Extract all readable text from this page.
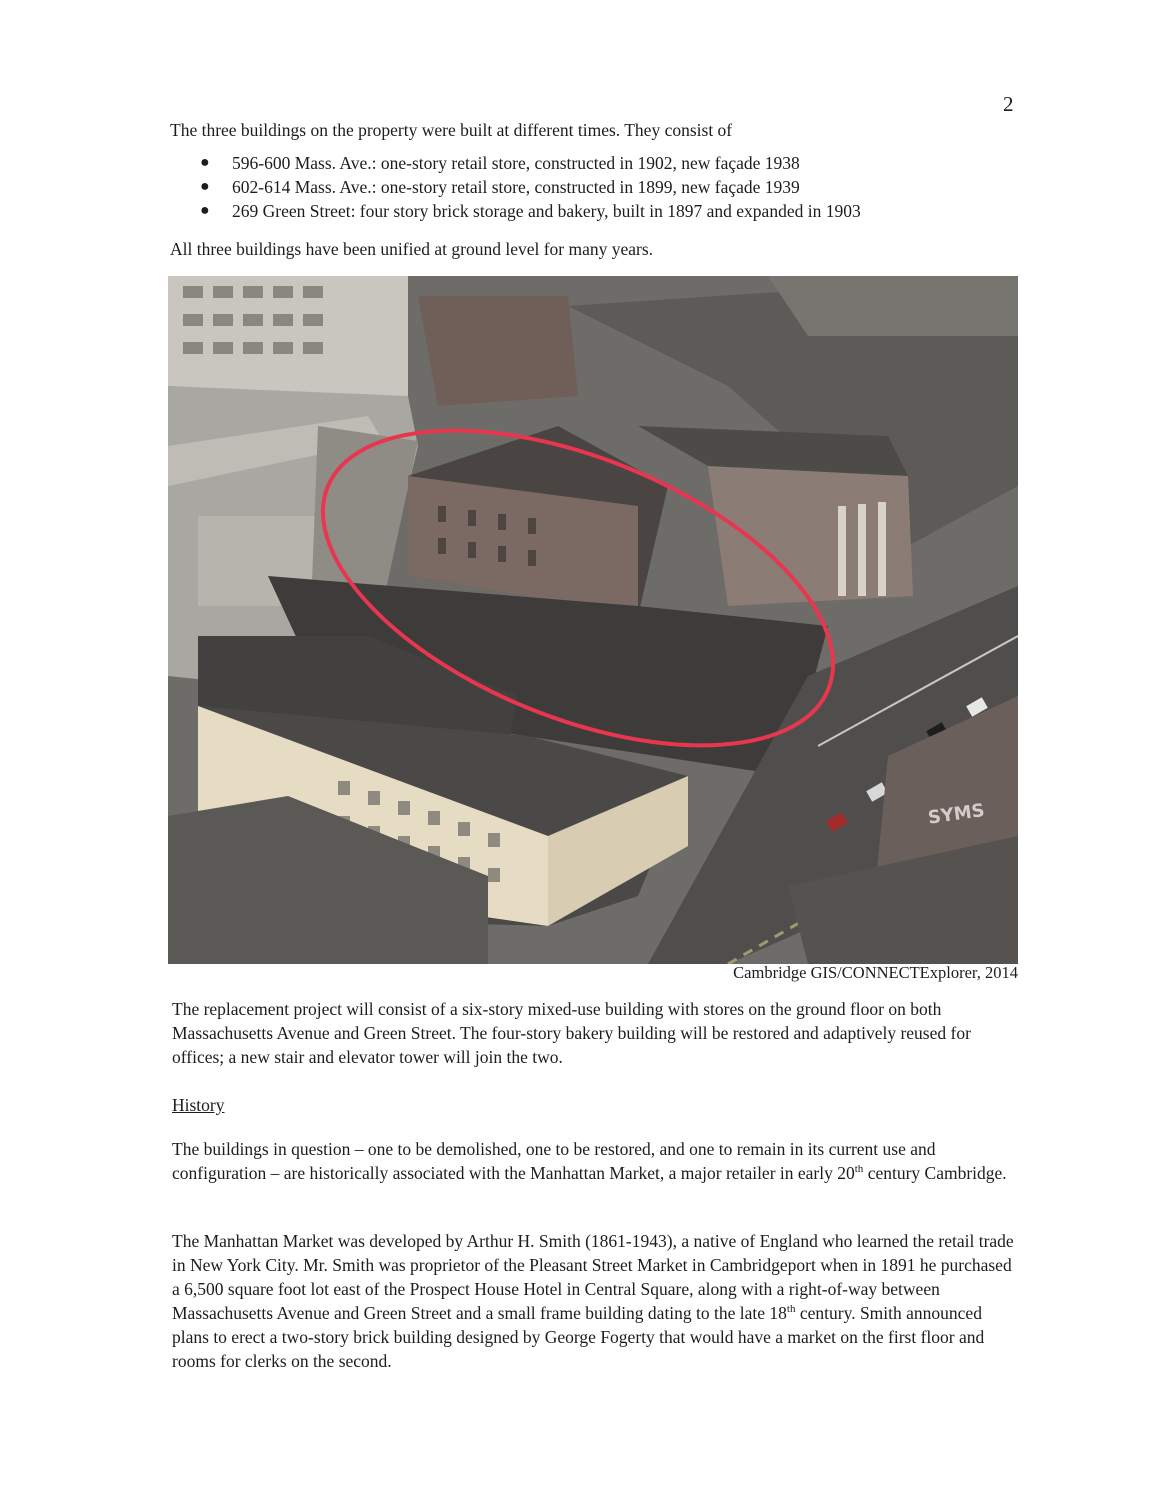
2

The three buildings on the property were built at different times. They consist of

● 596-600 Mass. Ave.: one-story retail store, constructed in 1902, new façade 1938
● 602-614 Mass. Ave.: one-story retail store, constructed in 1899, new façade 1939
● 269 Green Street: four story brick storage and bakery, built in 1897 and expanded in 1903

All three buildings have been unified at ground level for many years.

SYMS
Cambridge GIS/CONNECTExplorer, 2014

The replacement project will consist of a six-story mixed-use building with stores on the ground floor on both Massachusetts Avenue and Green Street. The four-story bakery building will be restored and adaptively reused for offices; a new stair and elevator tower will join the two.

History

The buildings in question – one to be demolished, one to be restored, and one to remain in its current use and configuration – are historically associated with the Manhattan Market, a major retailer in early 20th century Cambridge.

The Manhattan Market was developed by Arthur H. Smith (1861-1943), a native of England who learned the retail trade in New York City. Mr. Smith was proprietor of the Pleasant Street Market in Cambridgeport when in 1891 he purchased a 6,500 square foot lot east of the Prospect House Hotel in Central Square, along with a right-of-way between Massachusetts Avenue and Green Street and a small frame building dating to the late 18th century. Smith announced plans to erect a two-story brick building designed by George Fogerty that would have a market on the first floor and rooms for clerks on the second.
